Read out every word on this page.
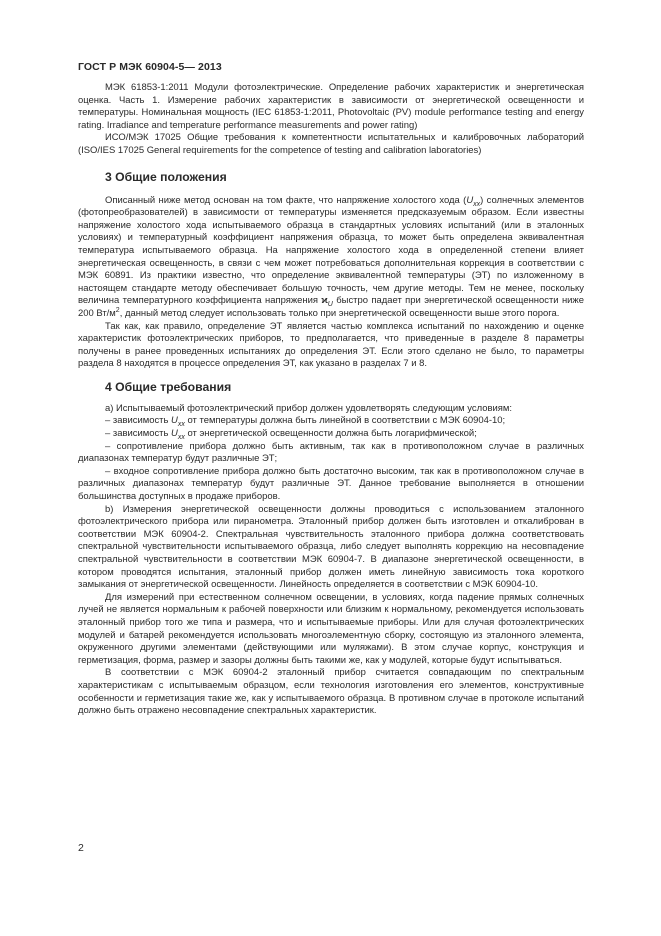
ГОСТ Р МЭК 60904-5— 2013

МЭК 61853-1:2011 Модули фотоэлектрические. Определение рабочих характеристик и энергетическая оценка. Часть 1. Измерение рабочих характеристик в зависимости от энергетической освещенности и температуры. Номинальная мощность (IEC 61853-1:2011, Photovoltaic (PV) module performance testing and energy rating. Irradiance and temperature performance measurements and power rating)

ИСО/МЭК 17025 Общие требования к компетентности испытательных и калибровочных лабораторий (ISO/IES 17025 General requirements for the competence of testing and calibration laboratories)

3 Общие положения

Описанный ниже метод основан на том факте, что напряжение холостого хода $(U_{xx})$ солнечных элементов (фотопреобразователей) в зависимости от температуры изменяется предсказуемым образом. Если известны напряжение холостого хода испытываемого образца в стандартных условиях испытаний (или в эталонных условиях) и температурный коэффициент напряжения образца, то может быть определена эквивалентная температура испытываемого образца. На напряжение холостого хода в определенной степени влияет энергетическая освещенность, в связи с чем может потребоваться дополнительная коррекция в соответствии с МЭК 60891. Из практики известно, что определение эквивалентной температуры (ЭТ) по изложенному в настоящем стандарте методу обеспечивает большую точность, чем другие методы. Тем не менее, поскольку величина температурного коэффициента напряжения $ϰ_U$ быстро падает при энергетической освещенности ниже 200 $Вт/м^2$, данный метод следует использовать только при энергетической освещенности выше этого порога.

Так как, как правило, определение ЭТ является частью комплекса испытаний по нахождению и оценке характеристик фотоэлектрических приборов, то предполагается, что приведенные в разделе 8 параметры получены в ранее проведенных испытаниях до определения ЭТ. Если этого сделано не было, то параметры раздела 8 находятся в процессе определения ЭТ, как указано в разделах 7 и 8.

4 Общие требования

а) Испытываемый фотоэлектрический прибор должен удовлетворять следующим условиям:

– зависимость $U_{xx}$ от температуры должна быть линейной в соответствии с МЭК 60904-10;

– зависимость $U_{xx}$ от энергетической освещенности должна быть логарифмической;

– сопротивление прибора должно быть активным, так как в противоположном случае в различных диапазонах температур будут различные ЭТ;

– входное сопротивление прибора должно быть достаточно высоким, так как в противоположном случае в различных диапазонах температур будут различные ЭТ. Данное требование выполняется в отношении большинства доступных в продаже приборов.

b) Измерения энергетической освещенности должны проводиться с использованием эталонного фотоэлектрического прибора или пиранометра. Эталонный прибор должен быть изготовлен и откалиброван в соответствии МЭК 60904-2. Спектральная чувствительность эталонного прибора должна соответствовать спектральной чувствительности испытываемого образца, либо следует выполнять коррекцию на несовпадение спектральной чувствительности в соответствии МЭК 60904-7. В диапазоне энергетической освещенности, в котором проводятся испытания, эталонный прибор должен иметь линейную зависимость тока короткого замыкания от энергетической освещенности. Линейность определяется в соответствии с МЭК 60904-10.

Для измерений при естественном солнечном освещении, в условиях, когда падение прямых солнечных лучей не является нормальным к рабочей поверхности или близким к нормальному, рекомендуется использовать эталонный прибор того же типа и размера, что и испытываемые приборы. Или для случая фотоэлектрических модулей и батарей рекомендуется использовать многоэлементную сборку, состоящую из эталонного элемента, окруженного другими элементами (действующими или муляжами). В этом случае корпус, конструкция и герметизация, форма, размер и зазоры должны быть такими же, как у модулей, которые будут испытываться.

В соответствии с МЭК 60904-2 эталонный прибор считается совпадающим по спектральным характеристикам с испытываемым образцом, если технология изготовления его элементов, конструктивные особенности и герметизация такие же, как у испытываемого образца. В противном случае в протоколе испытаний должно быть отражено несовпадение спектральных характеристик.

2
